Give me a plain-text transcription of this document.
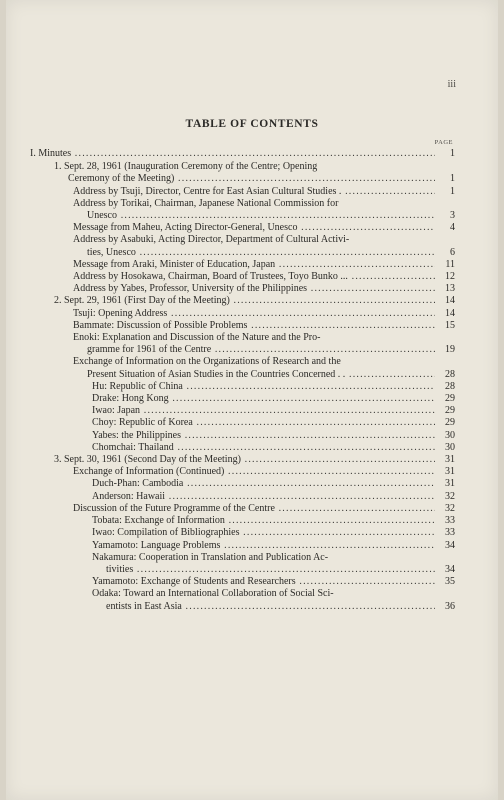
iii
TABLE OF CONTENTS
PAGE
I. Minutes .....	1
1. Sept. 28, 1961 (Inauguration Ceremony of the Centre; Opening
Ceremony of the Meeting) .....	1
Address by Tsuji, Director, Centre for East Asian Cultural Studies . .....	1
Address by Torikai, Chairman, Japanese National Commission for
Unesco .....	3
Message from Maheu, Acting Director-General, Unesco .....	4
Address by Asabuki, Acting Director, Department of Cultural Activi-
ties, Unesco .....	6
Message from Araki, Minister of Education, Japan .....	11
Address by Hosokawa, Chairman, Board of Trustees, Toyo Bunko ... .....	12
Address by Yabes, Professor, University of the Philippines .....	13
2. Sept. 29, 1961 (First Day of the Meeting) .....	14
Tsuji: Opening Address .....	14
Bammate: Discussion of Possible Problems .....	15
Enoki: Explanation and Discussion of the Nature and the Pro-
gramme for 1961 of the Centre .....	19
Exchange of Information on the Organizations of Research and the
Present Situation of Asian Studies in the Countries Concerned . . .....	28
Hu: Republic of China .....	28
Drake: Hong Kong .....	29
Iwao: Japan .....	29
Choy: Republic of Korea .....	29
Yabes: the Philippines .....	30
Chomchai: Thailand .....	30
3. Sept. 30, 1961 (Second Day of the Meeting) .....	31
Exchange of Information (Continued) .....	31
Duch-Phan: Cambodia .....	31
Anderson: Hawaii .....	32
Discussion of the Future Programme of the Centre .....	32
Tobata: Exchange of Information .....	33
Iwao: Compilation of Bibliographies .....	33
Yamamoto: Language Problems .....	34
Nakamura: Cooperation in Translation and Publication Ac-
tivities .....	34
Yamamoto: Exchange of Students and Researchers .....	35
Odaka: Toward an International Collaboration of Social Sci-
entists in East Asia .....	36
